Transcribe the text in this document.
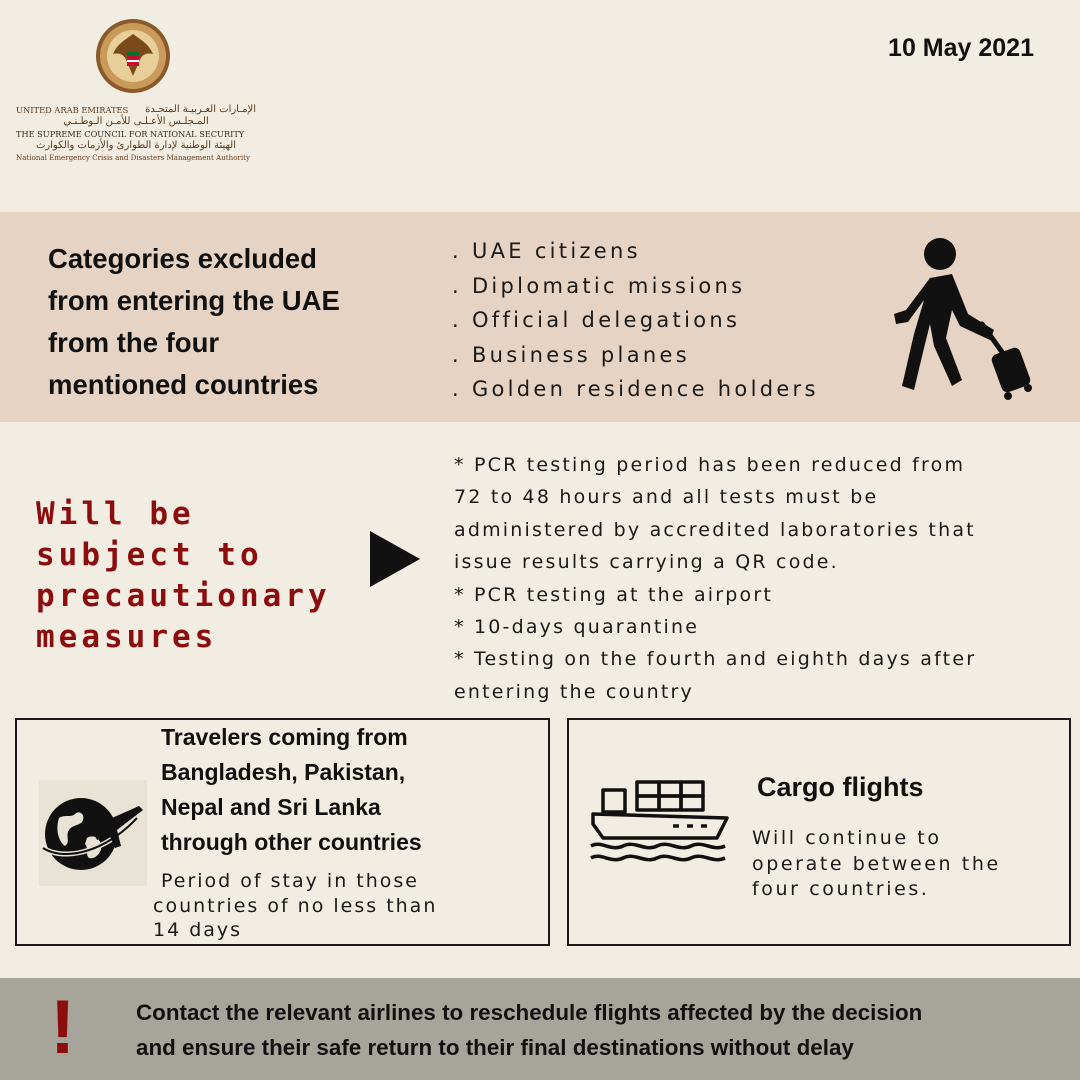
UNITED ARAB EMIRATES الإمـارات العـربيـة المتحـدة
المـجلـس الأعـلـى للأمـن الـوطـنـي
THE SUPREME COUNCIL FOR NATIONAL SECURITY
الهيئة الوطنية لإدارة الطوارئ والأزمات والكوارث
National Emergency Crisis and Disasters Management Authority
10 May 2021
Categories excluded
from entering the UAE
from the four
mentioned countries
. UAE citizens
. Diplomatic missions
. Official delegations
. Business planes
. Golden residence holders
Will be
subject to
precautionary
measures

* PCR testing period has been reduced from

72 to 48 hours and all tests must be

administered by accredited laboratories that

issue results carrying a QR code.

* PCR testing at the airport

* 10-days quarantine

* Testing on the fourth and eighth days after

entering the country

Travelers coming from
Bangladesh, Pakistan,
Nepal and Sri Lanka
through other countries

Period of stay in those

countries of no less than

14 days

Cargo flights

Will continue to

operate between the

four countries.

!	Contact the relevant airlines to reschedule flights affected by the decision

and ensure their safe return to their final destinations without delay
